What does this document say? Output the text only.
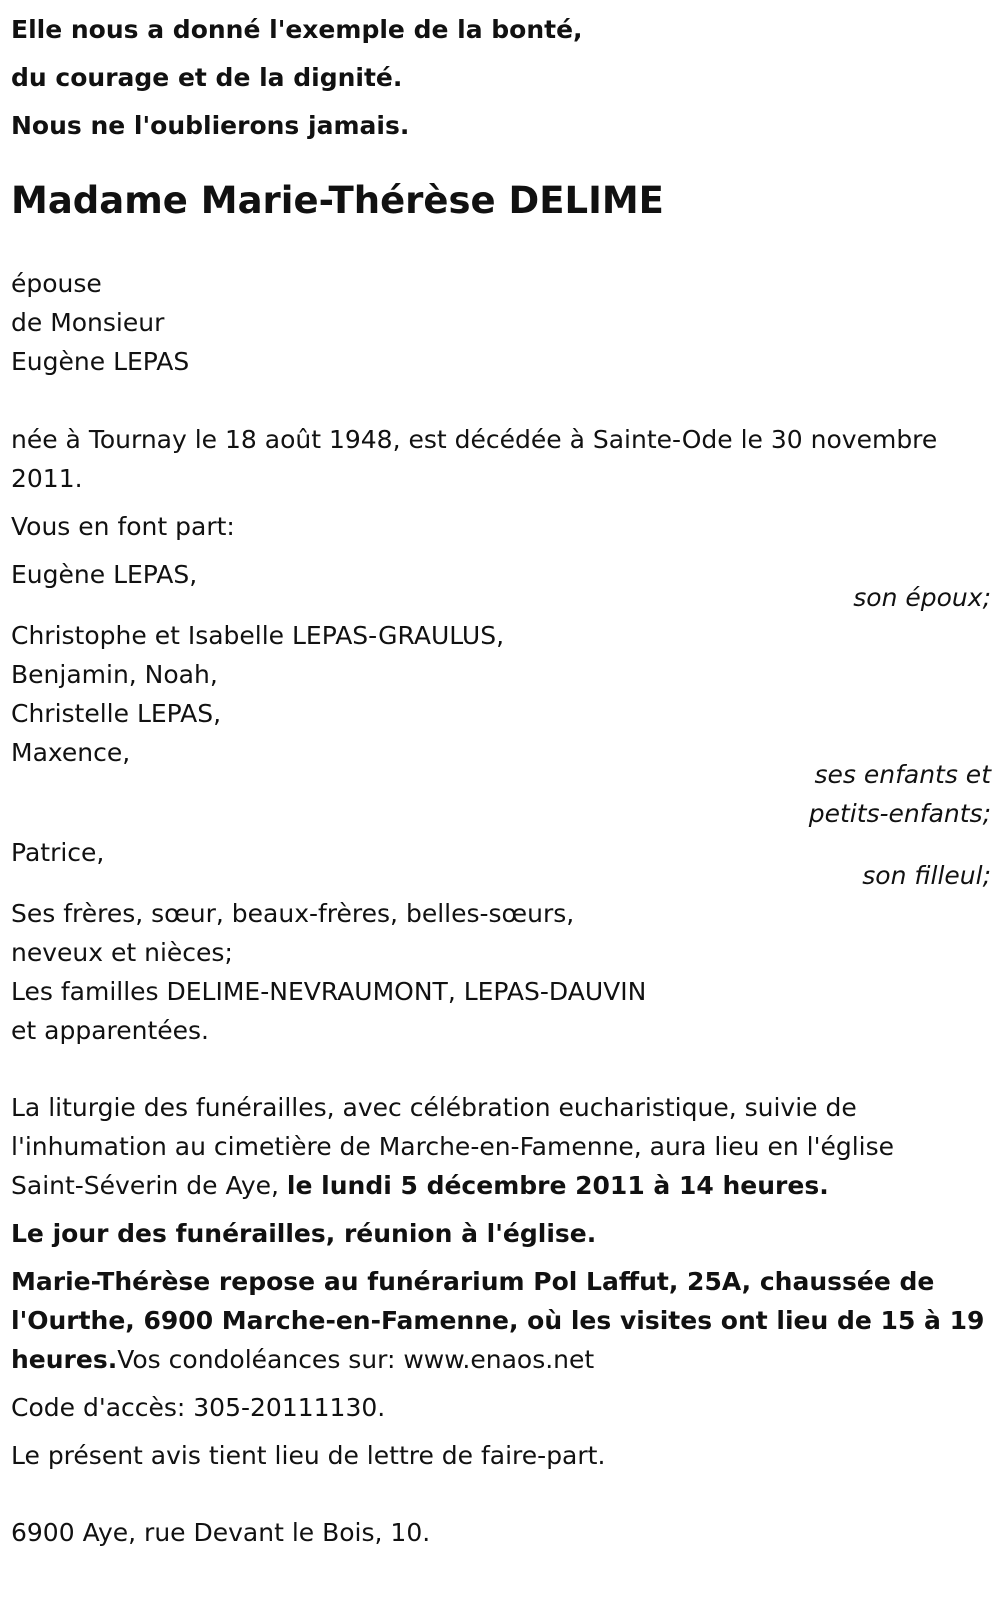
Elle nous a donné l'exemple de la bonté,

du courage et de la dignité.

Nous ne l'oublierons jamais.

Madame Marie-Thérèse DELIME

épouse

de Monsieur

Eugène LEPAS

née à Tournay le 18 août 1948, est décédée à Sainte-Ode le 30 novembre

2011.

Vous en font part:

Eugène LEPAS,

son époux;

Christophe et Isabelle LEPAS-GRAULUS,

Benjamin, Noah,

Christelle LEPAS,

Maxence,

ses enfants et
petits-enfants;

Patrice,

son filleul;

Ses frères, sœur, beaux-frères, belles-sœurs,

neveux et nièces;

Les familles DELIME-NEVRAUMONT, LEPAS-DAUVIN

et apparentées.

La liturgie des funérailles, avec célébration eucharistique, suivie de

l'inhumation au cimetière de Marche-en-Famenne, aura lieu en l'église

Saint-Séverin de Aye, le lundi 5 décembre 2011 à 14 heures.

Le jour des funérailles, réunion à l'église.

Marie-Thérèse repose au funérarium Pol Laffut, 25A, chaussée de

l'Ourthe, 6900 Marche-en-Famenne, où les visites ont lieu de 15 à 19

heures.Vos condoléances sur: www.enaos.net

Code d'accès: 305-20111130.

Le présent avis tient lieu de lettre de faire-part.

6900 Aye, rue Devant le Bois, 10.
